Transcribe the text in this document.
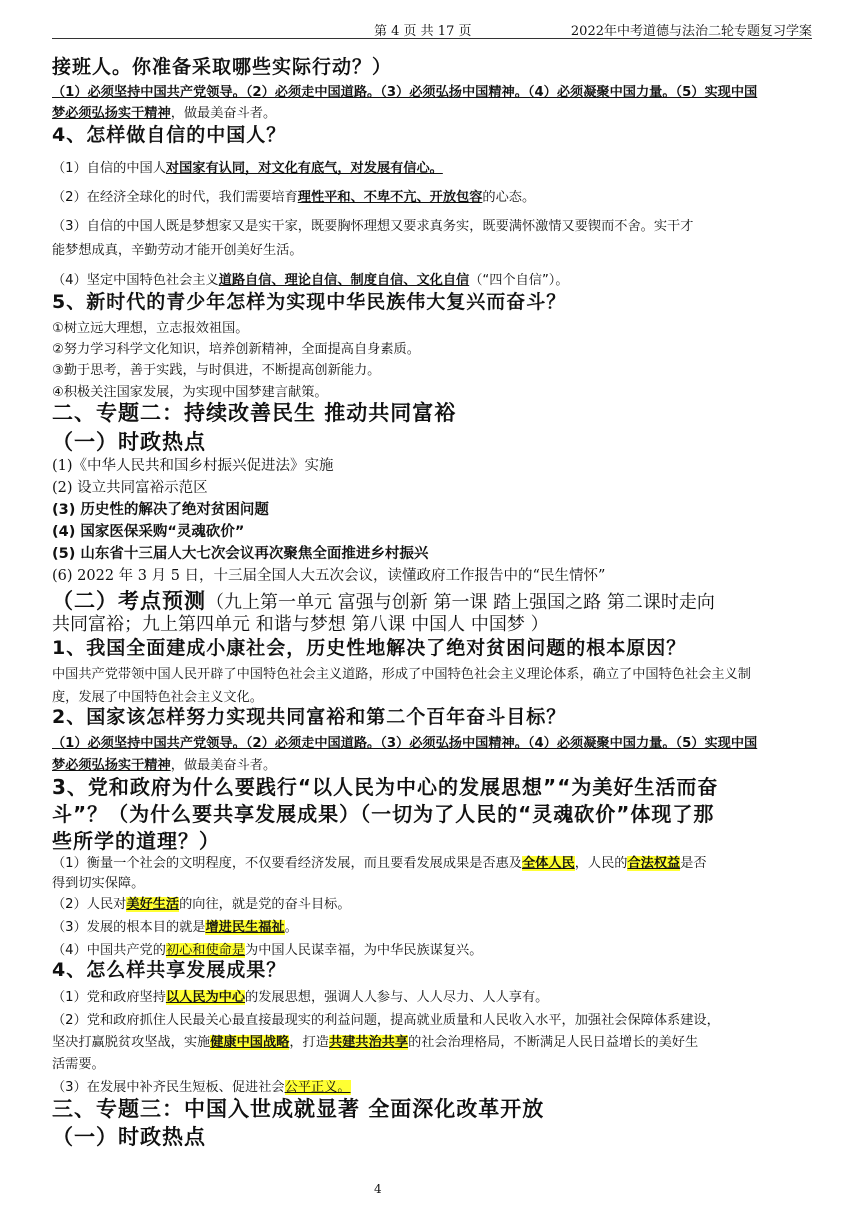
第 4 页 共 17 页	2022年中考道德与法治二轮专题复习学案
接班人。你准备采取哪些实际行动？）
（1）必须坚持中国共产党领导。（2）必须走中国道路。（3）必须弘扬中国精神。（4）必须凝聚中国力量。（5）实现中国
梦必须弘扬实干精神，做最美奋斗者。
4、怎样做自信的中国人？
（1）自信的中国人对国家有认同，对文化有底气，对发展有信心。
（2）在经济全球化的时代，我们需要培育理性平和、不卑不亢、开放包容的心态。
（3）自信的中国人既是梦想家又是实干家，既要胸怀理想又要求真务实，既要满怀激情又要锲而不舍。实干才
能梦想成真，辛勤劳动才能开创美好生活。
（4）坚定中国特色社会主义道路自信、理论自信、制度自信、文化自信（“四个自信”）。
5、新时代的青少年怎样为实现中华民族伟大复兴而奋斗？
①树立远大理想，立志报效祖国。
②努力学习科学文化知识，培养创新精神，全面提高自身素质。
③勤于思考，善于实践，与时俱进，不断提高创新能力。
④积极关注国家发展，为实现中国梦建言献策。
二、专题二：持续改善民生 推动共同富裕
（一）时政热点
(1)《中华人民共和国乡村振兴促进法》实施
(2) 设立共同富裕示范区
(3) 历史性的解决了绝对贫困问题
(4) 国家医保采购“灵魂砍价”
(5) 山东省十三届人大七次会议再次聚焦全面推进乡村振兴
(6) 2022 年 3 月 5 日，十三届全国人大五次会议，读懂政府工作报告中的“民生情怀”
（二）考点预测（九上第一单元 富强与创新 第一课 踏上强国之路 第二课时走向
共同富裕；九上第四单元 和谐与梦想 第八课 中国人 中国梦 ）
1、我国全面建成小康社会，历史性地解决了绝对贫困问题的根本原因？
中国共产党带领中国人民开辟了中国特色社会主义道路，形成了中国特色社会主义理论体系，确立了中国特色社会主义制
度，发展了中国特色社会主义文化。
2、国家该怎样努力实现共同富裕和第二个百年奋斗目标？
（1）必须坚持中国共产党领导。（2）必须走中国道路。（3）必须弘扬中国精神。（4）必须凝聚中国力量。（5）实现中国
梦必须弘扬实干精神，做最美奋斗者。
3、党和政府为什么要践行“以人民为中心的发展思想”“为美好生活而奋
斗”？（为什么要共享发展成果）（一切为了人民的“灵魂砍价”体现了那
些所学的道理？）
（1）衡量一个社会的文明程度，不仅要看经济发展，而且要看发展成果是否惠及全体人民，人民的合法权益是否
得到切实保障。
（2）人民对美好生活的向往，就是党的奋斗目标。
（3）发展的根本目的就是增进民生福祉。
（4）中国共产党的初心和使命是为中国人民谋幸福，为中华民族谋复兴。
4、怎么样共享发展成果？
（1）党和政府坚持以人民为中心的发展思想，强调人人参与、人人尽力、人人享有。
（2）党和政府抓住人民最关心最直接最现实的利益问题，提高就业质量和人民收入水平，加强社会保障体系建设，
坚决打赢脱贫攻坚战，实施健康中国战略，打造共建共治共享的社会治理格局，不断满足人民日益增长的美好生
活需要。
（3）在发展中补齐民生短板、促进社会公平正义。
三、专题三：中国入世成就显著 全面深化改革开放
（一）时政热点
4
